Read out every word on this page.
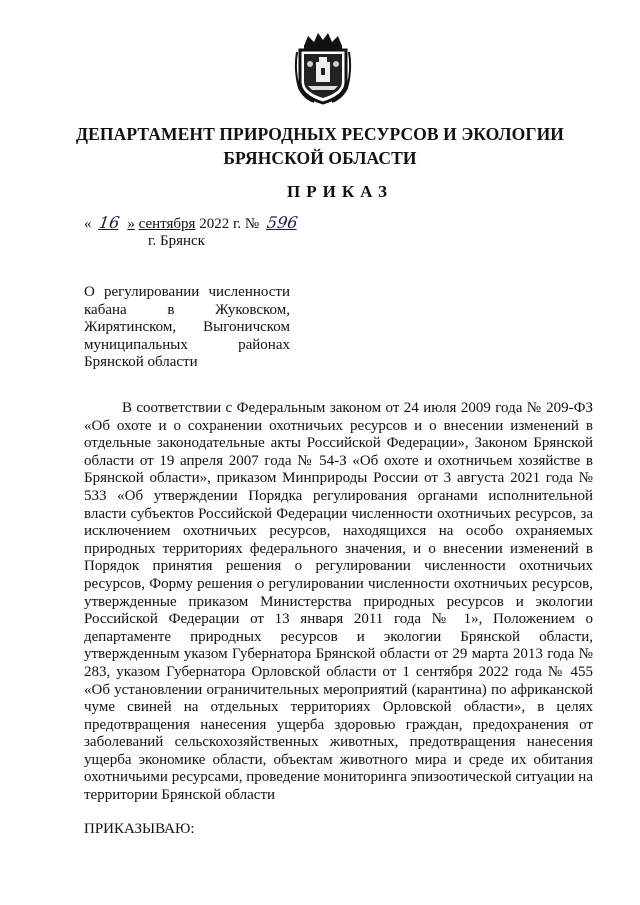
ДЕПАРТАМЕНТ ПРИРОДНЫХ РЕСУРСОВ И ЭКОЛОГИИ
БРЯНСКОЙ ОБЛАСТИ
ПРИКАЗ
« 16 » сентября 2022 г. № 596
г. Брянск
О регулировании численности кабана в Жуковском, Жирятинском, Выгоничском муниципальных районах Брянской области
В соответствии с Федеральным законом от 24 июля 2009 года № 209-ФЗ «Об охоте и о сохранении охотничьих ресурсов и о внесении изменений в отдельные законодательные акты Российской Федерации», Законом Брянской области от 19 апреля 2007 года № 54-З «Об охоте и охотничьем хозяйстве в Брянской области», приказом Минприроды России от 3 августа 2021 года № 533 «Об утверждении Порядка регулирования органами исполнительной власти субъектов Российской Федерации численности охотничьих ресурсов, за исключением охотничьих ресурсов, находящихся на особо охраняемых природных территориях федерального значения, и о внесении изменений в Порядок принятия решения о регулировании численности охотничьих ресурсов, Форму решения о регулировании численности охотничьих ресурсов, утвержденные приказом Министерства природных ресурсов и экологии Российской Федерации от 13 января 2011 года № 1», Положением о департаменте природных ресурсов и экологии Брянской области, утвержденным указом Губернатора Брянской области от 29 марта 2013 года № 283, указом Губернатора Орловской области от 1 сентября 2022 года № 455 «Об установлении ограничительных мероприятий (карантина) по африканской чуме свиней на отдельных территориях Орловской области», в целях предотвращения нанесения ущерба здоровью граждан, предохранения от заболеваний сельскохозяйственных животных, предотвращения нанесения ущерба экономике области, объектам животного мира и среде их обитания охотничьими ресурсами, проведение мониторинга эпизоотической ситуации на территории Брянской области
ПРИКАЗЫВАЮ:
